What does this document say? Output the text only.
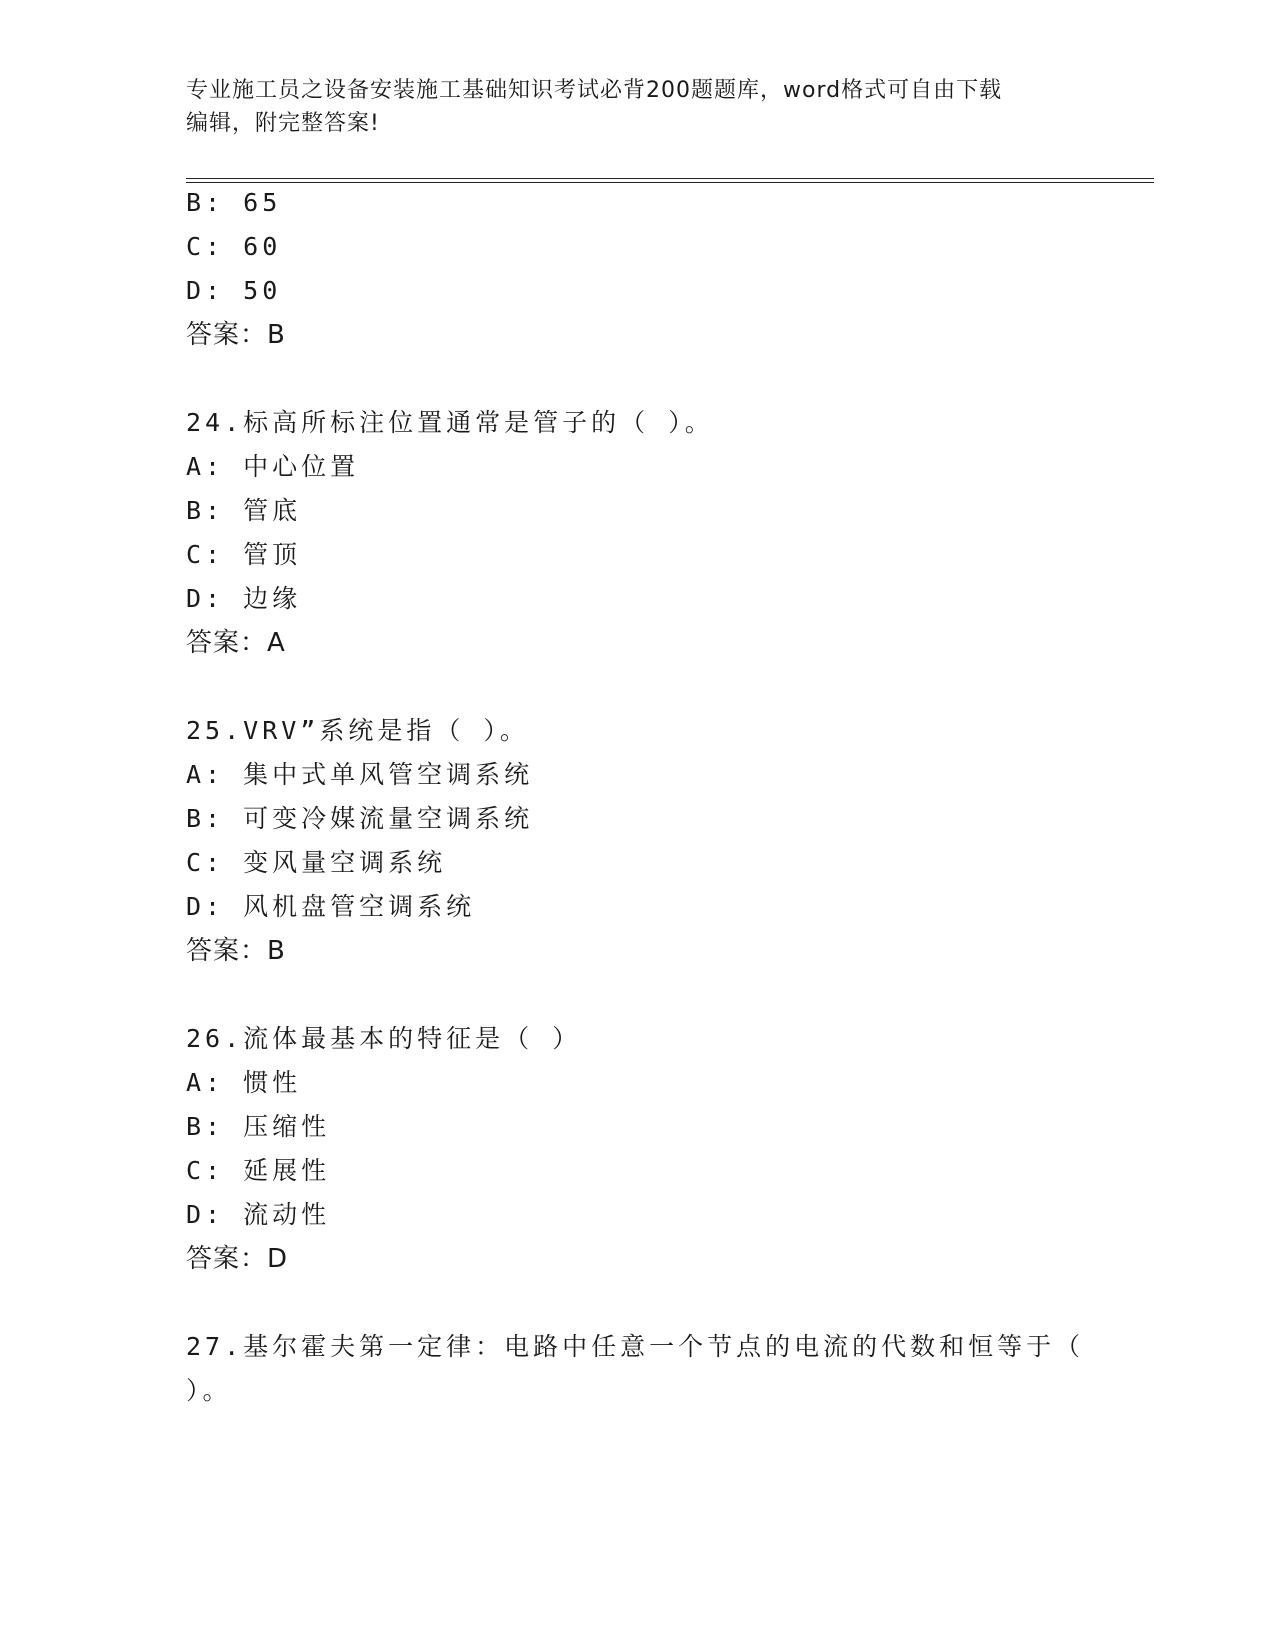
专业施工员之设备安装施工基础知识考试必背200题题库，word格式可自由下载
编辑，附完整答案!
B: 65
C: 60
D: 50
答案：B
24.标高所标注位置通常是管子的（ ）。
A: 中心位置
B: 管底
C: 管顶
D: 边缘
答案：A
25.VRV”系统是指（ ）。
A: 集中式单风管空调系统
B: 可变冷媒流量空调系统
C: 变风量空调系统
D: 风机盘管空调系统
答案：B
26.流体最基本的特征是（ ）
A: 惯性
B: 压缩性
C: 延展性
D: 流动性
答案：D
27.基尔霍夫第一定律：电路中任意一个节点的电流的代数和恒等于（
）。
